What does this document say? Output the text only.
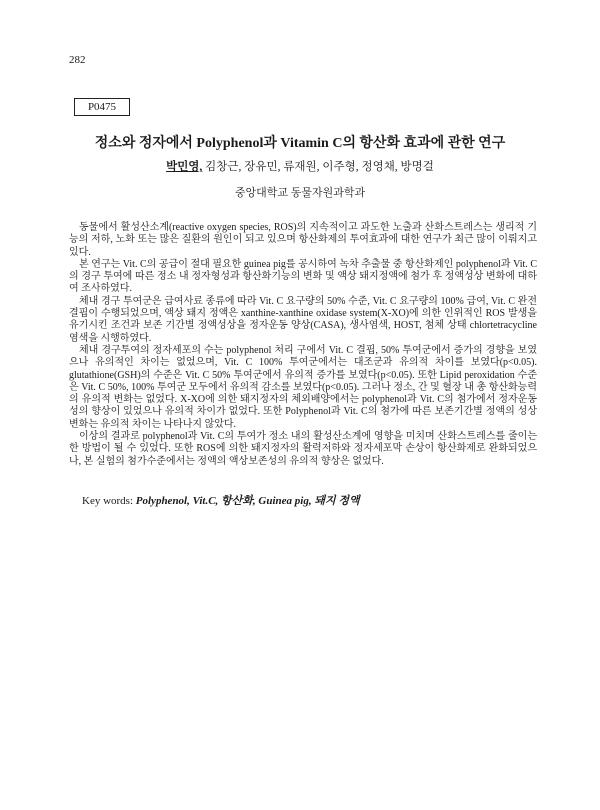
282
P0475
정소와 정자에서 Polyphenol과 Vitamin C의 항산화 효과에 관한 연구
박민영, 김창근, 장유민, 류재원, 이주형, 정영채, 방명걸
중앙대학교 동물자원과학과

동물에서 활성산소계(reactive oxygen species, ROS)의 지속적이고 과도한 노출과 산화스트레스는 생리적 기능의 저하, 노화 또는 많은 질환의 원인이 되고 있으며 항산화제의 투여효과에 대한 연구가 최근 많이 이뤄지고 있다.

본 연구는 Vit. C의 공급이 절대 필요한 guinea pig를 공시하여 녹차 추출물 중 항산화제인 polyphenol과 Vit. C의 경구 투여에 따른 정소 내 정자형성과 항산화기능의 변화 및 액상 돼지정액에 첨가 후 정액성상 변화에 대하여 조사하였다.

체내 경구 투여군은 급여사료 종류에 따라 Vit. C 요구량의 50% 수준, Vit. C 요구량의 100% 급여, Vit. C 완전 결핍이 수행되었으며, 액상 돼지 정액은 xanthine-xanthine oxidase system(X-XO)에 의한 인위적인 ROS 발생을 유기시킨 조건과 보존 기간별 정액성상을 정자운동 양상(CASA), 생사염색, HOST, 첨체 상태 chlortetracycline 염색을 시행하였다.

체내 경구투여의 정자세포의 수는 polyphenol 처리 구에서 Vit. C 결핍, 50% 투여군에서 증가의 경향을 보였으나 유의적인 차이는 없었으며, Vit. C 100% 투여군에서는 대조군과 유의적 차이를 보였다(p<0.05). glutathione(GSH)의 수준은 Vit. C 50% 투여군에서 유의적 증가를 보였다(p<0.05). 또한 Lipid peroxidation 수준은 Vit. C 50%, 100% 투여군 모두에서 유의적 감소를 보였다(p<0.05). 그러나 정소, 간 및 혈장 내 총 항산화능력의 유의적 변화는 없었다. X-XO에 의한 돼지정자의 체외배양에서는 polyphenol과 Vit. C의 첨가에서 정자운동성의 향상이 있었으나 유의적 차이가 없었다. 또한 Polyphenol과 Vit. C의 첨가에 따른 보존기간별 정액의 성상변화는 유의적 차이는 나타나지 않았다.

이상의 결과로 polyphenol과 Vit. C의 투여가 정소 내의 활성산소계에 영향을 미치며 산화스트레스를 줄이는 한 방법이 될 수 있었다. 또한 ROS에 의한 돼지정자의 활력저하와 정자세포막 손상이 항산화제로 완화되었으나, 본 실험의 첨가수준에서는 정액의 액상보존성의 유의적 향상은 없었다.

Key words: Polyphenol, Vit.C, 항산화, Guinea pig, 돼지 정액
